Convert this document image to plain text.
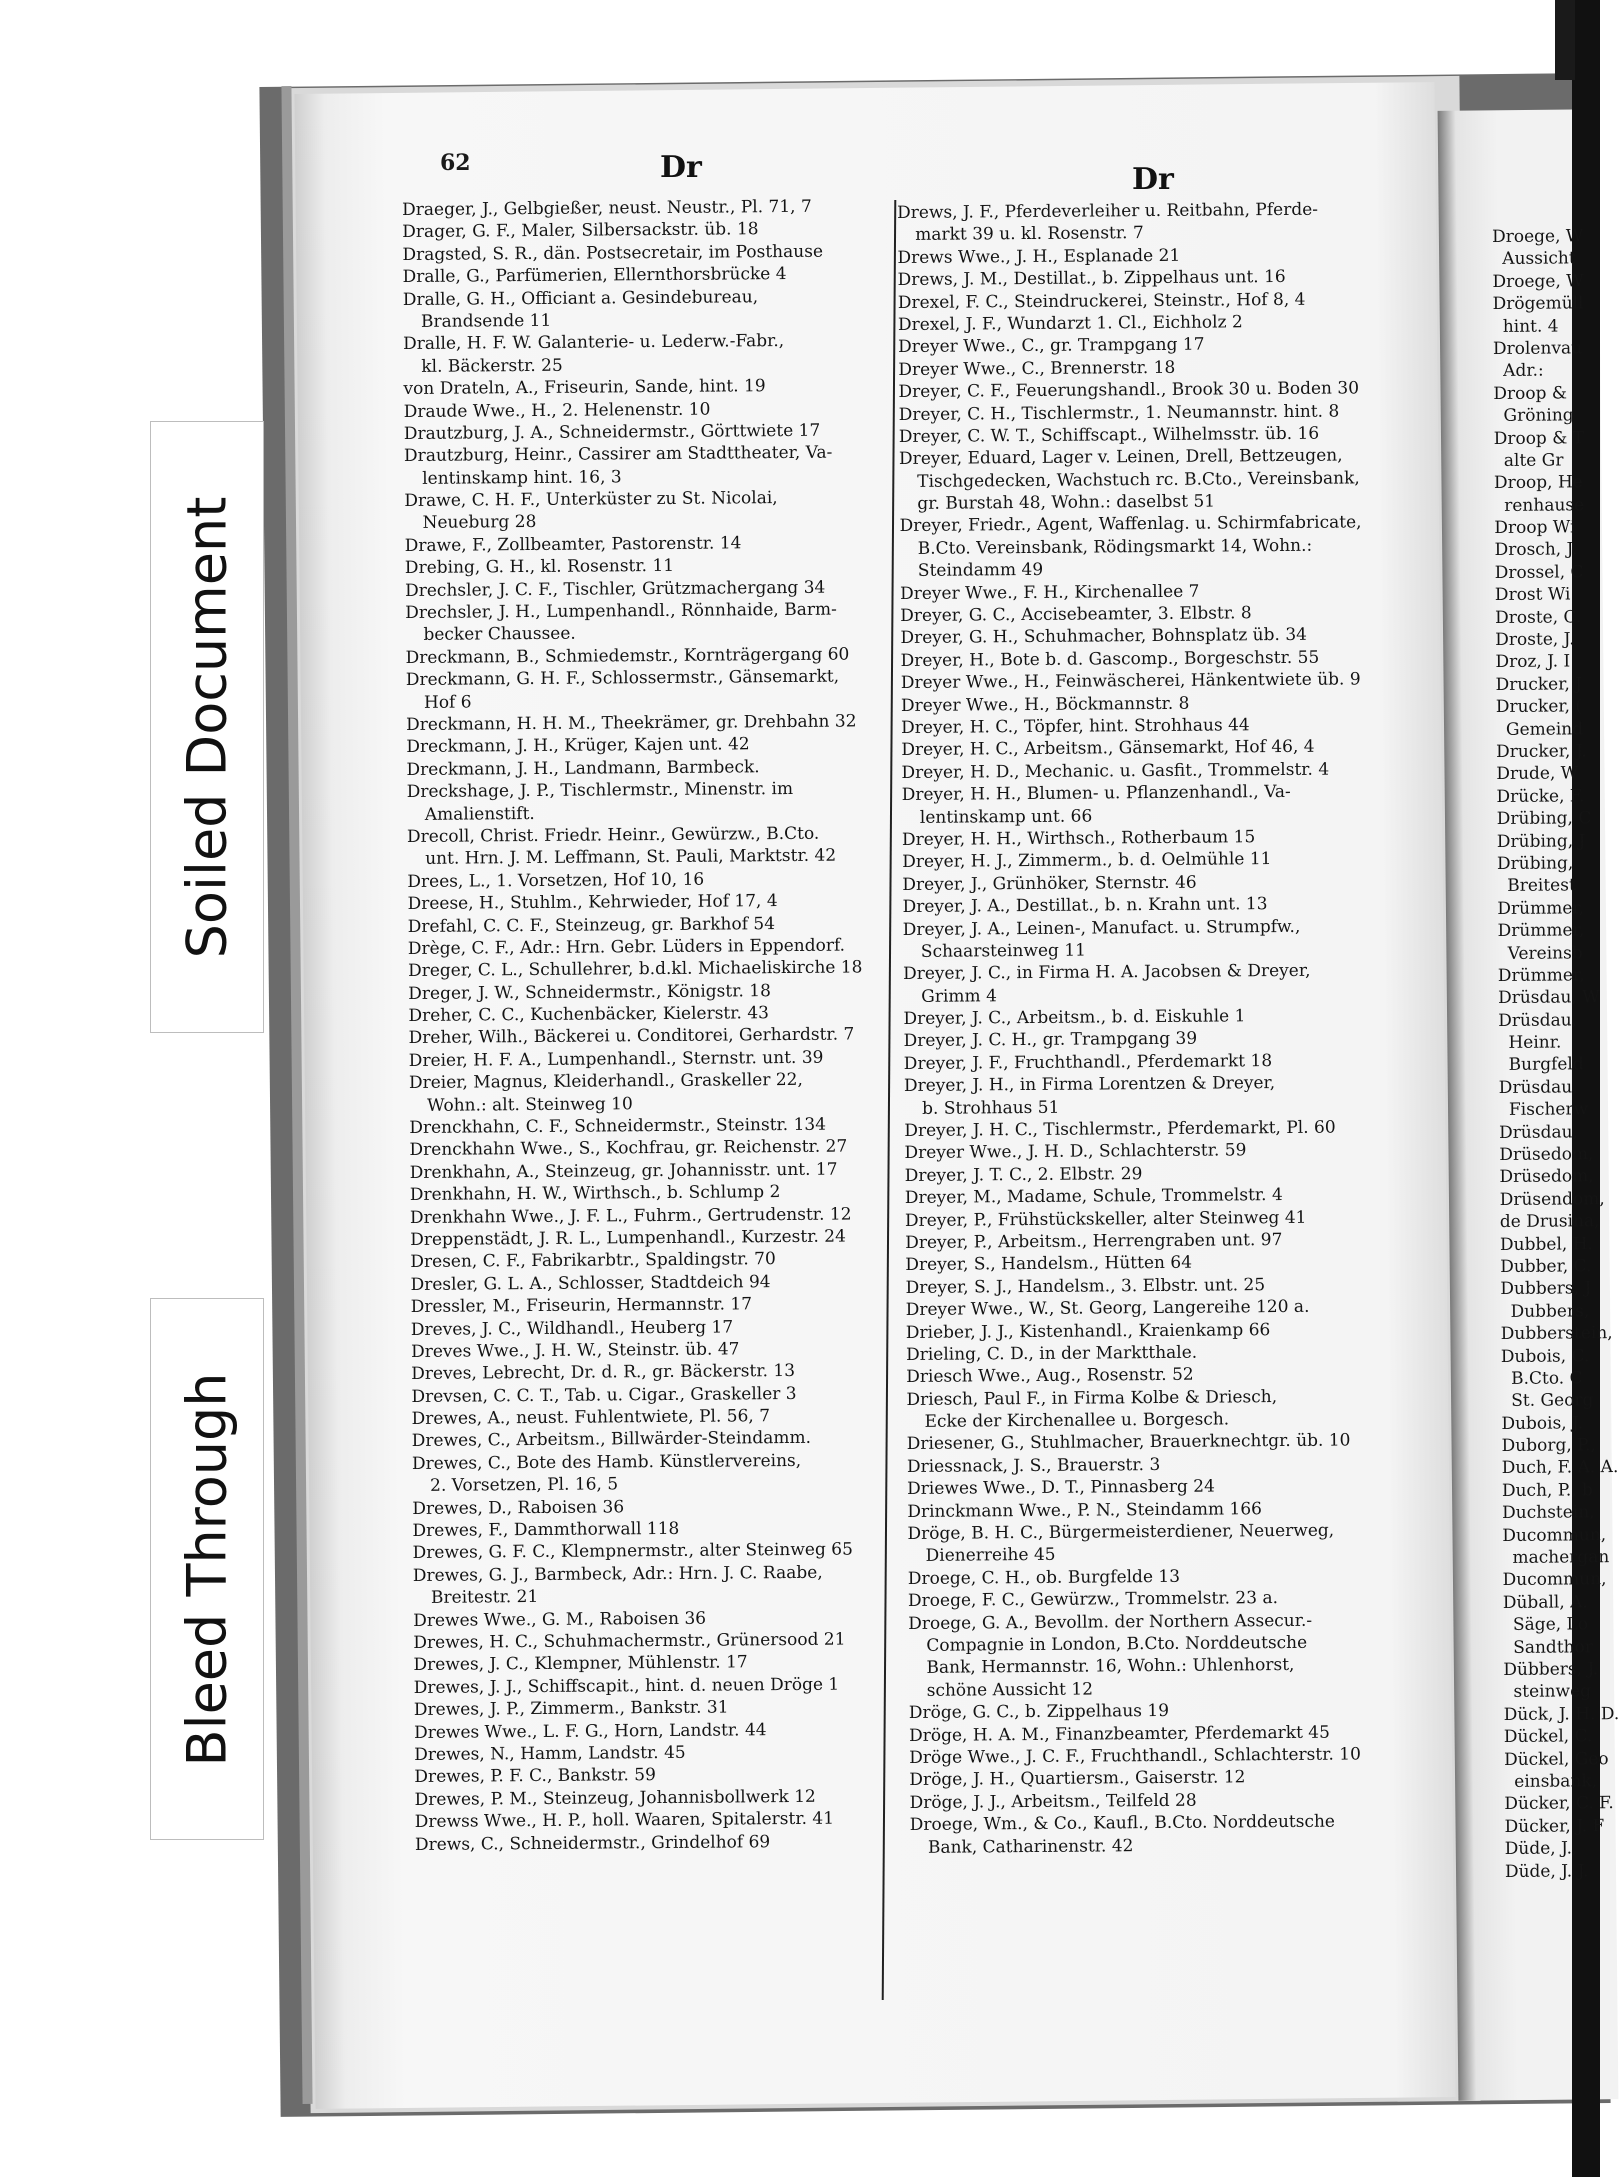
62	Dr	Dr
Draeger, J., Gelbgießer, neust. Neustr., Pl. 71, 7
Drager, G. F., Maler, Silbersackstr. üb. 18
Dragsted, S. R., dän. Postsecretair, im Posthause
Dralle, G., Parfümerien, Ellernthorsbrücke 4
Dralle, G. H., Officiant a. Gesindebureau,
Brandsende 11
Dralle, H. F. W. Galanterie- u. Lederw.-Fabr.,
kl. Bäckerstr. 25
von Drateln, A., Friseurin, Sande, hint. 19
Draude Wwe., H., 2. Helenenstr. 10
Drautzburg, J. A., Schneidermstr., Görttwiete 17
Drautzburg, Heinr., Cassirer am Stadttheater, Va-
lentinskamp hint. 16, 3
Drawe, C. H. F., Unterküster zu St. Nicolai,
Neueburg 28
Drawe, F., Zollbeamter, Pastorenstr. 14
Drebing, G. H., kl. Rosenstr. 11
Drechsler, J. C. F., Tischler, Grützmachergang 34
Drechsler, J. H., Lumpenhandl., Rönnhaide, Barm-
becker Chaussee.
Dreckmann, B., Schmiedemstr., Kornträgergang 60
Dreckmann, G. H. F., Schlossermstr., Gänsemarkt,
Hof 6
Dreckmann, H. H. M., Theekrämer, gr. Drehbahn 32
Dreckmann, J. H., Krüger, Kajen unt. 42
Dreckmann, J. H., Landmann, Barmbeck.
Dreckshage, J. P., Tischlermstr., Minenstr. im
Amalienstift.
Drecoll, Christ. Friedr. Heinr., Gewürzw., B.Cto.
unt. Hrn. J. M. Leffmann, St. Pauli, Marktstr. 42
Drees, L., 1. Vorsetzen, Hof 10, 16
Dreese, H., Stuhlm., Kehrwieder, Hof 17, 4
Drefahl, C. C. F., Steinzeug, gr. Barkhof 54
Drège, C. F., Adr.: Hrn. Gebr. Lüders in Eppendorf.
Dreger, C. L., Schullehrer, b.d.kl. Michaeliskirche 18
Dreger, J. W., Schneidermstr., Königstr. 18
Dreher, C. C., Kuchenbäcker, Kielerstr. 43
Dreher, Wilh., Bäckerei u. Conditorei, Gerhardstr. 7
Dreier, H. F. A., Lumpenhandl., Sternstr. unt. 39
Dreier, Magnus, Kleiderhandl., Graskeller 22,
Wohn.: alt. Steinweg 10
Drenckhahn, C. F., Schneidermstr., Steinstr. 134
Drenckhahn Wwe., S., Kochfrau, gr. Reichenstr. 27
Drenkhahn, A., Steinzeug, gr. Johannisstr. unt. 17
Drenkhahn, H. W., Wirthsch., b. Schlump 2
Drenkhahn Wwe., J. F. L., Fuhrm., Gertrudenstr. 12
Dreppenstädt, J. R. L., Lumpenhandl., Kurzestr. 24
Dresen, C. F., Fabrikarbtr., Spaldingstr. 70
Dresler, G. L. A., Schlosser, Stadtdeich 94
Dressler, M., Friseurin, Hermannstr. 17
Dreves, J. C., Wildhandl., Heuberg 17
Dreves Wwe., J. H. W., Steinstr. üb. 47
Dreves, Lebrecht, Dr. d. R., gr. Bäckerstr. 13
Drevsen, C. C. T., Tab. u. Cigar., Graskeller 3
Drewes, A., neust. Fuhlentwiete, Pl. 56, 7
Drewes, C., Arbeitsm., Billwärder-Steindamm.
Drewes, C., Bote des Hamb. Künstlervereins,
2. Vorsetzen, Pl. 16, 5
Drewes, D., Raboisen 36
Drewes, F., Dammthorwall 118
Drewes, G. F. C., Klempnermstr., alter Steinweg 65
Drewes, G. J., Barmbeck, Adr.: Hrn. J. C. Raabe,
Breitestr. 21
Drewes Wwe., G. M., Raboisen 36
Drewes, H. C., Schuhmachermstr., Grünersood 21
Drewes, J. C., Klempner, Mühlenstr. 17
Drewes, J. J., Schiffscapit., hint. d. neuen Dröge 1
Drewes, J. P., Zimmerm., Bankstr. 31
Drewes Wwe., L. F. G., Horn, Landstr. 44
Drewes, N., Hamm, Landstr. 45
Drewes, P. F. C., Bankstr. 59
Drewes, P. M., Steinzeug, Johannisbollwerk 12
Drewss Wwe., H. P., holl. Waaren, Spitalerstr. 41
Drews, C., Schneidermstr., Grindelhof 69
Drews, J. F., Pferdeverleiher u. Reitbahn, Pferde-
markt 39 u. kl. Rosenstr. 7
Drews Wwe., J. H., Esplanade 21
Drews, J. M., Destillat., b. Zippelhaus unt. 16
Drexel, F. C., Steindruckerei, Steinstr., Hof 8, 4
Drexel, J. F., Wundarzt 1. Cl., Eichholz 2
Dreyer Wwe., C., gr. Trampgang 17
Dreyer Wwe., C., Brennerstr. 18
Dreyer, C. F., Feuerungshandl., Brook 30 u. Boden 30
Dreyer, C. H., Tischlermstr., 1. Neumannstr. hint. 8
Dreyer, C. W. T., Schiffscapt., Wilhelmsstr. üb. 16
Dreyer, Eduard, Lager v. Leinen, Drell, Bettzeugen,
Tischgedecken, Wachstuch rc. B.Cto., Vereinsbank,
gr. Burstah 48, Wohn.: daselbst 51
Dreyer, Friedr., Agent, Waffenlag. u. Schirmfabricate,
B.Cto. Vereinsbank, Rödingsmarkt 14, Wohn.:
Steindamm 49
Dreyer Wwe., F. H., Kirchenallee 7
Dreyer, G. C., Accisebeamter, 3. Elbstr. 8
Dreyer, G. H., Schuhmacher, Bohnsplatz üb. 34
Dreyer, H., Bote b. d. Gascomp., Borgeschstr. 55
Dreyer Wwe., H., Feinwäscherei, Hänkentwiete üb. 9
Dreyer Wwe., H., Böckmannstr. 8
Dreyer, H. C., Töpfer, hint. Strohhaus 44
Dreyer, H. C., Arbeitsm., Gänsemarkt, Hof 46, 4
Dreyer, H. D., Mechanic. u. Gasfit., Trommelstr. 4
Dreyer, H. H., Blumen- u. Pflanzenhandl., Va-
lentinskamp unt. 66
Dreyer, H. H., Wirthsch., Rotherbaum 15
Dreyer, H. J., Zimmerm., b. d. Oelmühle 11
Dreyer, J., Grünhöker, Sternstr. 46
Dreyer, J. A., Destillat., b. n. Krahn unt. 13
Dreyer, J. A., Leinen-, Manufact. u. Strumpfw.,
Schaarsteinweg 11
Dreyer, J. C., in Firma H. A. Jacobsen & Dreyer,
Grimm 4
Dreyer, J. C., Arbeitsm., b. d. Eiskuhle 1
Dreyer, J. C. H., gr. Trampgang 39
Dreyer, J. F., Fruchthandl., Pferdemarkt 18
Dreyer, J. H., in Firma Lorentzen & Dreyer,
b. Strohhaus 51
Dreyer, J. H. C., Tischlermstr., Pferdemarkt, Pl. 60
Dreyer Wwe., J. H. D., Schlachterstr. 59
Dreyer, J. T. C., 2. Elbstr. 29
Dreyer, M., Madame, Schule, Trommelstr. 4
Dreyer, P., Frühstückskeller, alter Steinweg 41
Dreyer, P., Arbeitsm., Herrengraben unt. 97
Dreyer, S., Handelsm., Hütten 64
Dreyer, S. J., Handelsm., 3. Elbstr. unt. 25
Dreyer Wwe., W., St. Georg, Langereihe 120 a.
Drieber, J. J., Kistenhandl., Kraienkamp 66
Drieling, C. D., in der Marktthale.
Driesch Wwe., Aug., Rosenstr. 52
Driesch, Paul F., in Firma Kolbe & Driesch,
Ecke der Kirchenallee u. Borgesch.
Driesener, G., Stuhlmacher, Brauerknechtgr. üb. 10
Driessnack, J. S., Brauerstr. 3
Driewes Wwe., D. T., Pinnasberg 24
Drinckmann Wwe., P. N., Steindamm 166
Dröge, B. H. C., Bürgermeisterdiener, Neuerweg,
Dienerreihe 45
Droege, C. H., ob. Burgfelde 13
Droege, F. C., Gewürzw., Trommelstr. 23 a.
Droege, G. A., Bevollm. der Northern Assecur.-
Compagnie in London, B.Cto. Norddeutsche
Bank, Hermannstr. 16, Wohn.: Uhlenhorst,
schöne Aussicht 12
Dröge, G. C., b. Zippelhaus 19
Dröge, H. A. M., Finanzbeamter, Pferdemarkt 45
Dröge Wwe., J. C. F., Fruchthandl., Schlachterstr. 10
Dröge, J. H., Quartiersm., Gaiserstr. 12
Dröge, J. J., Arbeitsm., Teilfeld 28
Droege, Wm., & Co., Kaufl., B.Cto. Norddeutsche
Bank, Catharinenstr. 42
Droege, W
Aussicht
Droege, W
Drögemüll
hint. 4
Drolenvau
Adr.:
Droop &
Gröning
Droop & T
alte Gr
Droop, He
renhause
Droop Wi
Drosch, J.
Drossel, C
Drost Wi
Droste, C.
Droste, J.
Droz, J. I
Drucker, J
Drucker, (
Gemeind
Drucker, J.
Drude, W
Drücke, F.
Drübing, C
Drübing, J
Drübing,
Breitest
Drümmer,
Drümmer,
Vereinsb
Drümmer,
Drüsdau, W
Drüsdau,
Heinr.
Burgfeld
Drüsdau,
Fischerw
Drüsdau,
Drüsedom,
Drüsedom,
Drüsendom,
de Drusina,
Dubbel, H.
Dubber, C.
Dubbers, J
Dubbers,
Dubberstein,
Dubois, C.
B.Cto. C
St. Georg
Dubois, J.
Duborg, P.,
Duch, F. A. A.
Duch, P., b
Duchstein,
Ducommun,
machergan
Ducommun,
Düball, A.
Säge, Lo
Sandthor
Dübbers, J.
steinweg
Dück, J. H. D.
Dückel, C.
Dückel, Geo
einsbank,
Dücker, C. F.
Dücker, J. F
Düde, J.,
Düde, J. J.
Soiled Document
Bleed Through
